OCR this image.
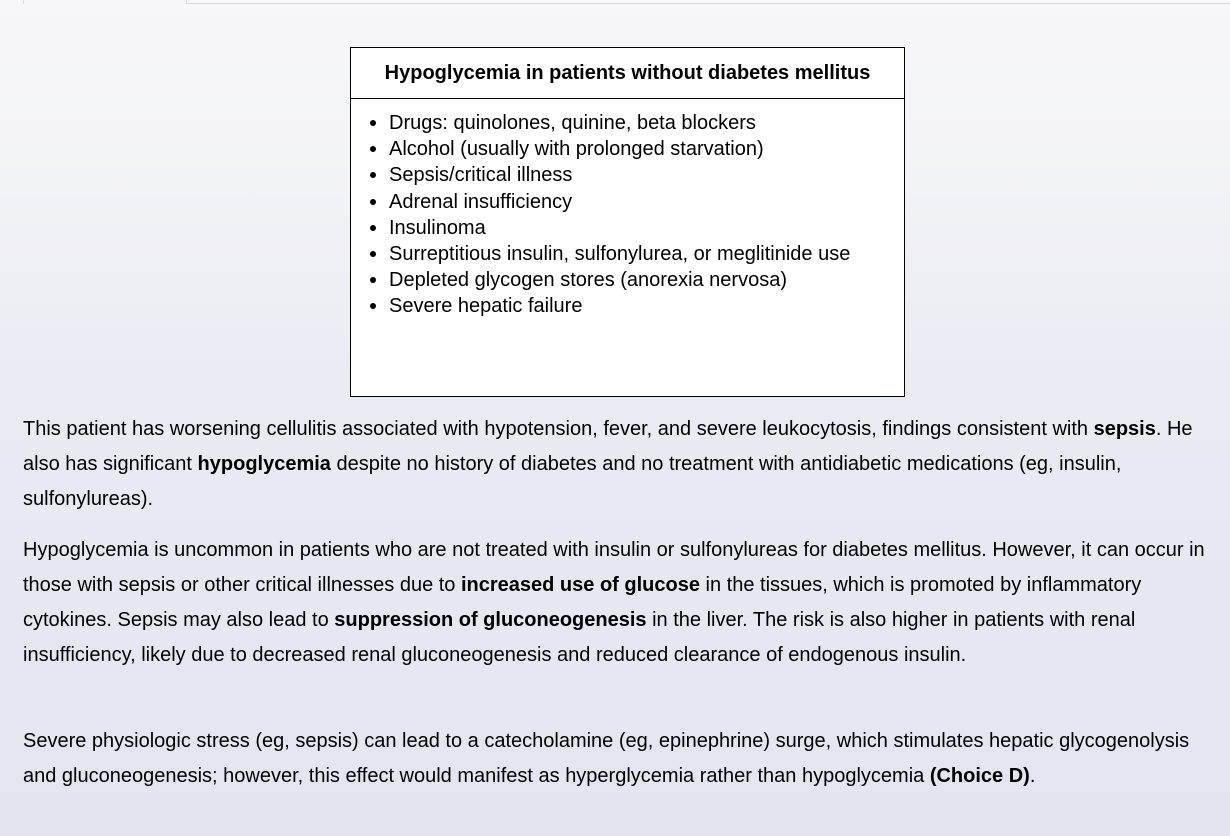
Hypoglycemia in patients without diabetes mellitus
Drugs: quinolones, quinine, beta blockers
Alcohol (usually with prolonged starvation)
Sepsis/critical illness
Adrenal insufficiency
Insulinoma
Surreptitious insulin, sulfonylurea, or meglitinide use
Depleted glycogen stores (anorexia nervosa)
Severe hepatic failure

This patient has worsening cellulitis associated with hypotension, fever, and severe leukocytosis, findings consistent with sepsis. He also has significant hypoglycemia despite no history of diabetes and no treatment with antidiabetic medications (eg, insulin, sulfonylureas).

Hypoglycemia is uncommon in patients who are not treated with insulin or sulfonylureas for diabetes mellitus. However, it can occur in those with sepsis or other critical illnesses due to increased use of glucose in the tissues, which is promoted by inflammatory cytokines. Sepsis may also lead to suppression of gluconeogenesis in the liver. The risk is also higher in patients with renal insufficiency, likely due to decreased renal gluconeogenesis and reduced clearance of endogenous insulin.

Severe physiologic stress (eg, sepsis) can lead to a catecholamine (eg, epinephrine) surge, which stimulates hepatic glycogenolysis and gluconeogenesis; however, this effect would manifest as hyperglycemia rather than hypoglycemia (Choice D).
